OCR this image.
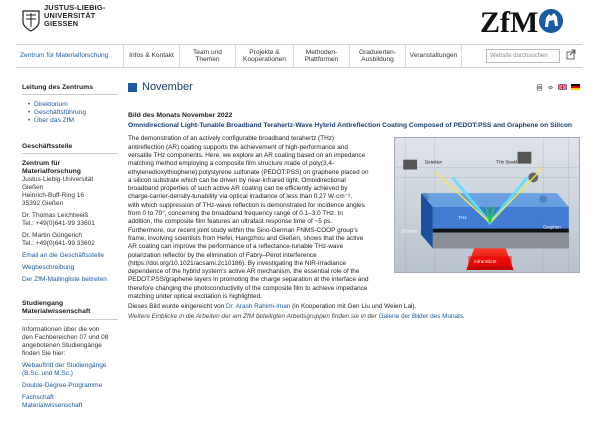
JUSTUS-LIEBIG-
UNIVERSITÄT
GIESSEN	ZfM
Zentrum für Materialforschung	Infos & Kontakt
Team und Themen
Projekte & Kooperationen
Methoden-Plattformen
Graduierten-Ausbildung
Veranstaltungen	Website durchsuchen
Leitung des Zentrums
• Direktorium
• Geschäftsführung
• Über das ZfM
Geschäftsstelle
Zentrum für
Materialforschung
Justus-Liebig-Universität
Gießen
Heinrich-Buff-Ring 16
35392 Gießen
Dr. Thomas Leichtweiß
Tel.: +49(0)641-99 33601
Dr. Martin Güngerich
Tel.: +49(0)641-99 33602
Email an die Geschäftsstelle
Wegbeschreibung
Der ZfM-Mailingliste beitreten
Studiengang
Materialwissenschaft
Informationen über die von
den Fachbereichen 07 und 08
angebotenen Studiengänge
finden Sie hier:
Webauftritt der Studiengänge
(B.Sc. und M.Sc.)
Double-Degree-Programme
Fachschaft
Materialwissenschaft
November
Bild des Monats November 2022
Omnidirectional Light-Tunable Broadband Terahertz-Wave Hybrid Antireflection Coating Composed of PEDOT:PSS and Graphene on Silicon
The demonstration of an actively configurable broadband terahertz (THz)
antireflection (AR) coating supports the achievement of high-performance and
versatile THz components. Here, we explore an AR coating based on an impedance
matching method employing a composite film structure made of poly(3,4-
ethylenedioxythiophene):polystyrene sulfonate (PEDOT:PSS) on graphene placed on
a silicon substrate which can be driven by near-infrared light. Omnidirectional
broadband properties of such active AR coating can be efficiently achieved by
charge-carrier-density-tunability via optical irradiance of less than 0.27 W·cm⁻²,
with which suppression of THz-wave reflection is demonstrated for incidence angles
from 0 to 70°, concerning the broadband frequency range of 0.1–3.0 THz. In
addition, the composite film features an ultrafast response time of ~5 ps.
Furthermore, our recent joint study within the Sino-German FNMS-COOP group's
frame, involving scientists from Hefei, Hangzhou and Gießen, shows that the active
AR coating can improve the performance of a reflectance-tunable THz-wave
polarization reflector by the elimination of Fabry–Pérot interference
(https://doi.org/10.1021/acsami.2c10186). By investigating the NIR-irradiance
dependence of the hybrid system's active AR mechanism, the essential role of the
PEDOT:PSS/graphene layers in promoting the charge separation at the interface and
therefore changing the photoconductivity of the composite film to achieve impedance
matching under optical excitation is highlighted.
Detektor	THz Strahl
THz
Silizium
Graphen
Infrarotlicht
Dieses Bild wurde eingereicht von Dr. Arash Rahimi-Iman (in Kooperation mit Gen Liu und Weien Lai).
Weitere Einblicke in die Arbeiten der am ZfM beteiligten Arbeitsgruppen finden sie in der Galerie der Bilder des Monats.
